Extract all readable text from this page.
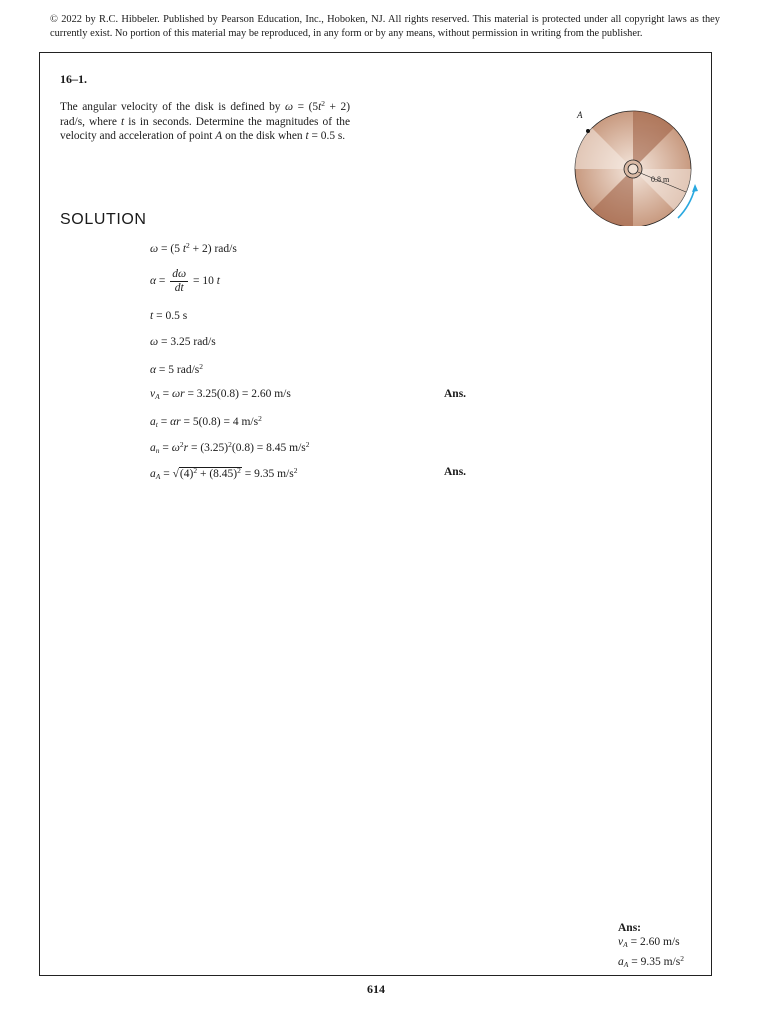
© 2022 by R.C. Hibbeler. Published by Pearson Education, Inc., Hoboken, NJ. All rights reserved. This material is protected under all copyright laws as they currently exist. No portion of this material may be reproduced, in any form or by any means, without permission in writing from the publisher.
16–1.
The angular velocity of the disk is defined by $\omega = (5t^2 + 2)$ rad/s, where t is in seconds. Determine the magnitudes of the velocity and acceleration of point A on the disk when t = 0.5 s.
A
0.8 m
SOLUTION
ω = (5 $t^2 + 2$) rad/s
$\alpha = \frac{d\omega}{dt} = 10$ t
t = 0.5 s
ω = 3.25 rad/s
α = 5 rad/$s^2$
$v_A = \omega r = 3.25(0.8) = 2.60$ m/s	Ans.
$a_t = \alpha r = 5(0.8) = 4$ $m/s^2$
$a_n = \omega^2r = (3.25)^2(0.8) = 8.45$ $m/s^2$
$a_A = √(4)^2 + (8.45)^2 = 9.35$ $m/s^2$	Ans.
Ans:
$v_A = 2.60$ m/s
$a_A = 9.35$ $m/s^2$
614
